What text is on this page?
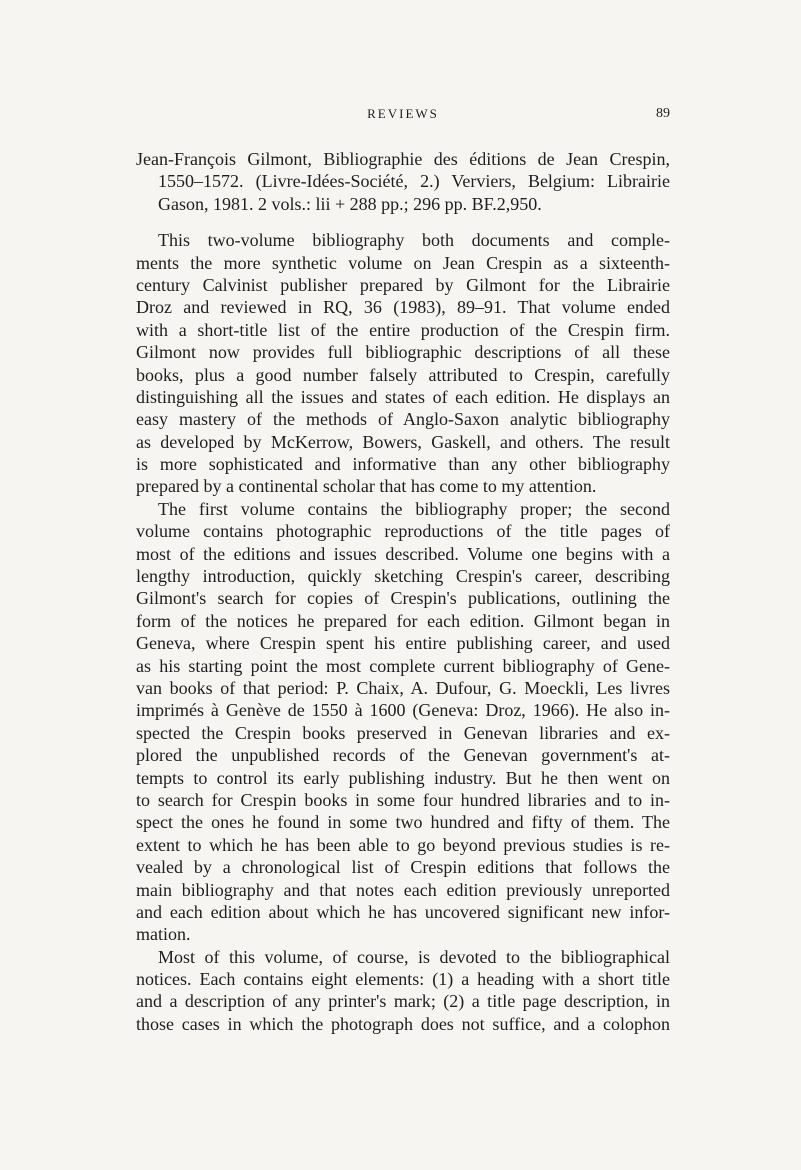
REVIEWS	89
Jean-François Gilmont, Bibliographie des éditions de Jean Crespin,
1550–1572. (Livre-Idées-Société, 2.) Verviers, Belgium: Librairie
Gason, 1981. 2 vols.: lii + 288 pp.; 296 pp. BF.2,950.
This two-volume bibliography both documents and comple-
ments the more synthetic volume on Jean Crespin as a sixteenth-
century Calvinist publisher prepared by Gilmont for the Librairie
Droz and reviewed in RQ, 36 (1983), 89–91. That volume ended
with a short-title list of the entire production of the Crespin firm.
Gilmont now provides full bibliographic descriptions of all these
books, plus a good number falsely attributed to Crespin, carefully
distinguishing all the issues and states of each edition. He displays an
easy mastery of the methods of Anglo-Saxon analytic bibliography
as developed by McKerrow, Bowers, Gaskell, and others. The result
is more sophisticated and informative than any other bibliography
prepared by a continental scholar that has come to my attention.
The first volume contains the bibliography proper; the second
volume contains photographic reproductions of the title pages of
most of the editions and issues described. Volume one begins with a
lengthy introduction, quickly sketching Crespin's career, describing
Gilmont's search for copies of Crespin's publications, outlining the
form of the notices he prepared for each edition. Gilmont began in
Geneva, where Crespin spent his entire publishing career, and used
as his starting point the most complete current bibliography of Gene-
van books of that period: P. Chaix, A. Dufour, G. Moeckli, Les livres
imprimés à Genève de 1550 à 1600 (Geneva: Droz, 1966). He also in-
spected the Crespin books preserved in Genevan libraries and ex-
plored the unpublished records of the Genevan government's at-
tempts to control its early publishing industry. But he then went on
to search for Crespin books in some four hundred libraries and to in-
spect the ones he found in some two hundred and fifty of them. The
extent to which he has been able to go beyond previous studies is re-
vealed by a chronological list of Crespin editions that follows the
main bibliography and that notes each edition previously unreported
and each edition about which he has uncovered significant new infor-
mation.
Most of this volume, of course, is devoted to the bibliographical
notices. Each contains eight elements: (1) a heading with a short title
and a description of any printer's mark; (2) a title page description, in
those cases in which the photograph does not suffice, and a colophon
